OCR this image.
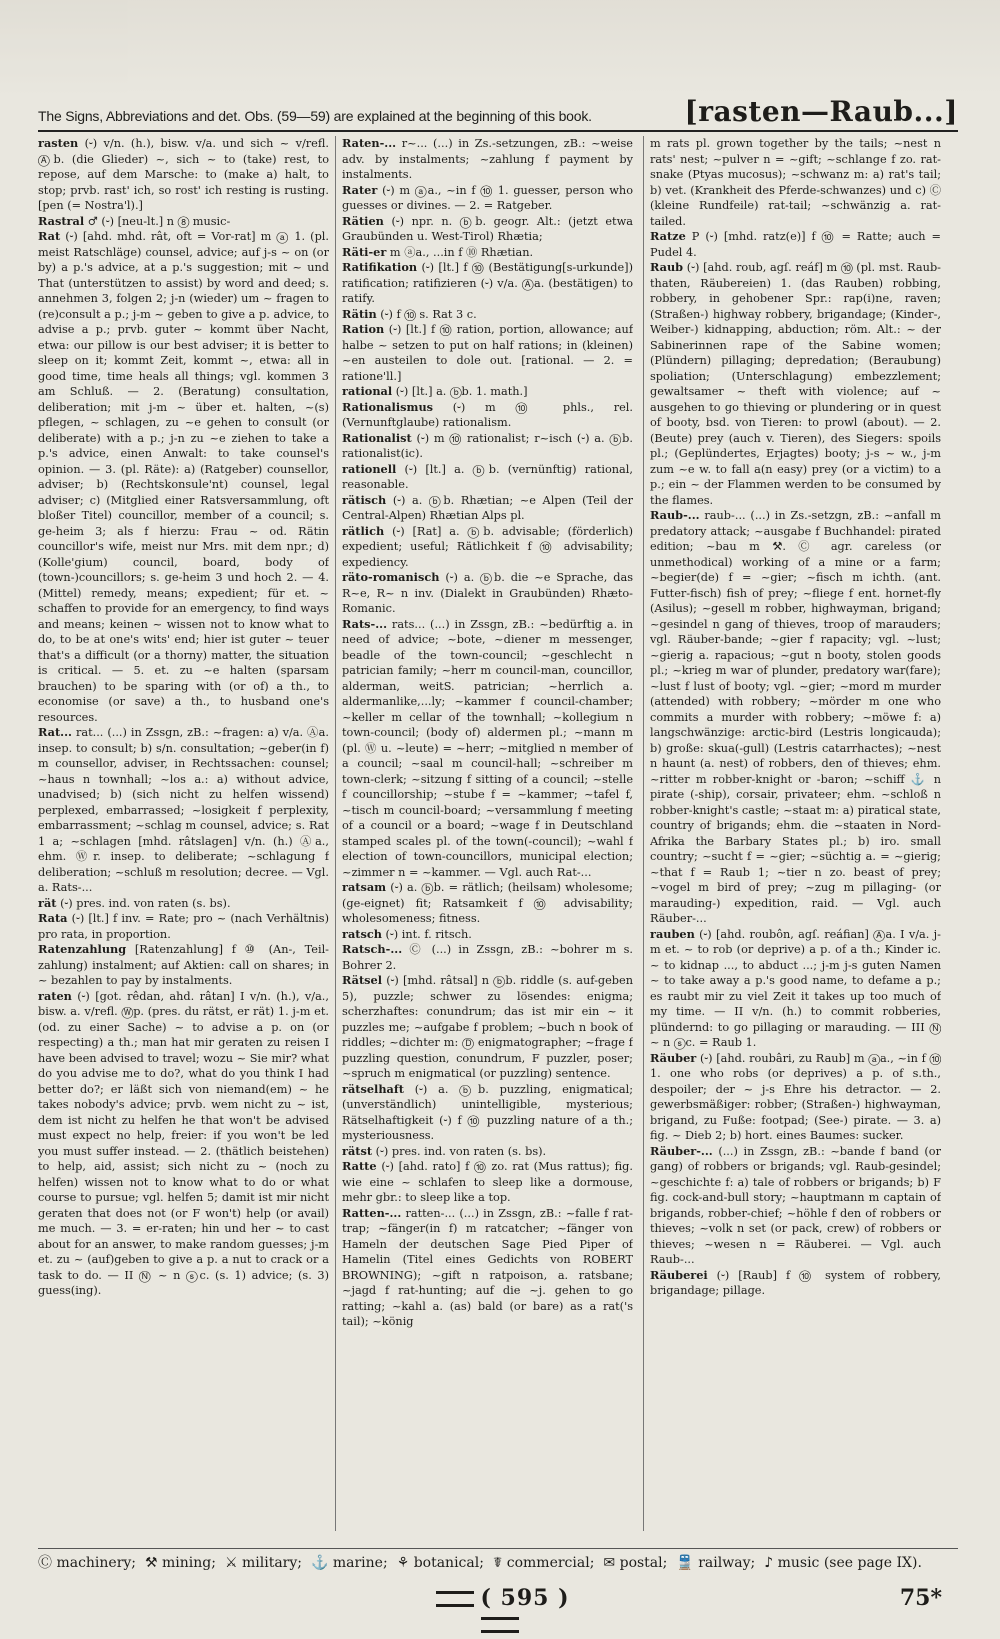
The Signs, Abbreviations and det. Obs. (59—59) are explained at the beginning of this book.	[rasten—Raub...]

rasten (⏑) v/n. (h.), bisw. v/a. und sich ~ v/refl. Ⓐb. (die Glieder) ~, sich ~ to (take) rest, to repose, auf dem Marsche: to (make a) halt, to stop; prvb. rast' ich, so rost' ich resting is rusting. [pen (= Nostra'l).]

Rastral ♂ (⏑) [neu-lt.] n ⑧ music-

Rat (⏑) [ahd. mhd. rât, oft = Vor-rat] m ⓐ 1. (pl. meist Ratschläge) counsel, advice; auf j-s ~ on (or by) a p.'s advice, at a p.'s suggestion; mit ~ und That (unterstützen to assist) by word and deed; s. annehmen 3, folgen 2; j-n (wieder) um ~ fragen to (re)consult a p.; j-m ~ geben to give a p. advice, to advise a p.; prvb. guter ~ kommt über Nacht, etwa: our pillow is our best adviser; it is better to sleep on it; kommt Zeit, kommt ~, etwa: all in good time, time heals all things; vgl. kommen 3 am Schluß. — 2. (Beratung) consultation, deliberation; mit j-m ~ über et. halten, ~(s) pflegen, ~ schlagen, zu ~e gehen to consult (or deliberate) with a p.; j-n zu ~e ziehen to take a p.'s advice, einen Anwalt: to take counsel's opinion. — 3. (pl. Räte): a) (Ratgeber) counsellor, adviser; b) (Rechtskonsule'nt) counsel, legal adviser; c) (Mitglied einer Ratsversammlung, oft bloßer Titel) councillor, member of a council; s. ge-heim 3; als f hierzu: Frau ~ od. Rätin councillor's wife, meist nur Mrs. mit dem npr.; d) (Kolle'gium) council, board, body of (town-)councillors; s. ge-heim 3 und hoch 2. — 4. (Mittel) remedy, means; expedient; für et. ~ schaffen to provide for an emergency, to find ways and means; keinen ~ wissen not to know what to do, to be at one's wits' end; hier ist guter ~ teuer that's a difficult (or a thorny) matter, the situation is critical. — 5. et. zu ~e halten (sparsam brauchen) to be sparing with (or of) a th., to economise (or save) a th., to husband one's resources.

Rat... rat... (...) in Zssgn, zB.: ~fragen: a) v/a. Ⓐa. insep. to consult; b) s/n. consultation; ~geber(in f) m counsellor, adviser, in Rechtssachen: counsel; ~haus n townhall; ~los a.: a) without advice, unadvised; b) (sich nicht zu helfen wissend) perplexed, embarrassed; ~losigkeit f perplexity, embarrassment; ~schlag m counsel, advice; s. Rat 1 a; ~schlagen [mhd. râtslagen] v/n. (h.) Ⓐa., ehm. Ⓦr. insep. to deliberate; ~schlagung f deliberation; ~schluß m resolution; decree. — Vgl. a. Rats-...

rät (⏑) pres. ind. von raten (s. bs).

Rata (⏑) [lt.] f inv. = Rate; pro ~ (nach Verhältnis) pro rata, in proportion.

Ratenzahlung [Ratenzahlung] f ⑩ (An-, Teil-zahlung) instalment; auf Aktien: call on shares; in ~ bezahlen to pay by instalments.

raten (⏑) [got. rêdan, ahd. râtan] I v/n. (h.), v/a., bisw. a. v/refl. Ⓦp. (pres. du rätst, er rät) 1. j-m et. (od. zu einer Sache) ~ to advise a p. on (or respecting) a th.; man hat mir geraten zu reisen I have been advised to travel; wozu ~ Sie mir? what do you advise me to do?, what do you think I had better do?; er läßt sich von niemand(em) ~ he takes nobody's advice; prvb. wem nicht zu ~ ist, dem ist nicht zu helfen he that won't be advised must expect no help, freier: if you won't be led you must suffer instead. — 2. (thätlich beistehen) to help, aid, assist; sich nicht zu ~ (noch zu helfen) wissen not to know what to do or what course to pursue; vgl. helfen 5; damit ist mir nicht geraten that does not (or F won't) help (or avail) me much. — 3. = er-raten; hin und her ~ to cast about for an answer, to make random guesses; j-m et. zu ~ (auf)geben to give a p. a nut to crack or a task to do. — II Ⓝ ~ n ⓢc. (s. 1) advice; (s. 3) guess(ing).

Raten-... r~... (...) in Zs.-setzungen, zB.: ~weise adv. by instalments; ~zahlung f payment by instalments.

Rater (⏑) m ⓐa., ~in f ⑩ 1. guesser, person who guesses or divines. — 2. = Ratgeber.

Rätien (⏑) npr. n. ⓑb. geogr. Alt.: (jetzt etwa Graubünden u. West-Tirol) Rhætia;

Räti-er m ⓐa., ...in f ⑩ Rhætian.

Ratifikation (⏑) [lt.] f ⑩ (Bestätigung[s-urkunde]) ratification; ratifizieren (⏑) v/a. Ⓐa. (bestätigen) to ratify.

Rätin (⏑) f ⑩ s. Rat 3 c.

Ration (⏑) [lt.] f ⑩ ration, portion, allowance; auf halbe ~ setzen to put on half rations; in (kleinen) ~en austeilen to dole out. [rational. — 2. = ratione'll.]

rational (⏑) [lt.] a. ⓑb. 1. math.]

Rationalismus (⏑) m ⑩ phls., rel. (Vernunftglaube) rationalism.

Rationalist (⏑) m ⑩ rationalist; r~isch (⏑) a. ⓑb. rationalist(ic).

rationell (⏑) [lt.] a. ⓑb. (vernünftig) rational, reasonable.

rätisch (⏑) a. ⓑb. Rhætian; ~e Alpen (Teil der Central-Alpen) Rhætian Alps pl.

rätlich (⏑) [Rat] a. ⓑb. advisable; (förderlich) expedient; useful; Rätlichkeit f ⑩ advisability; expediency.

räto-romanisch (⏑) a. ⓑb. die ~e Sprache, das R~e, R~ n inv. (Dialekt in Graubünden) Rhæto-Romanic.

Rats-... rats... (...) in Zssgn, zB.: ~bedürftig a. in need of advice; ~bote, ~diener m messenger, beadle of the town-council; ~geschlecht n patrician family; ~herr m council-man, councillor, alderman, weitS. patrician; ~herrlich a. aldermanlike,...ly; ~kammer f council-chamber; ~keller m cellar of the townhall; ~kollegium n town-council; (body of) aldermen pl.; ~mann m (pl. Ⓦ u. ~leute) = ~herr; ~mitglied n member of a council; ~saal m council-hall; ~schreiber m town-clerk; ~sitzung f sitting of a council; ~stelle f councillorship; ~stube f = ~kammer; ~tafel f, ~tisch m council-board; ~versammlung f meeting of a council or a board; ~wage f in Deutschland stamped scales pl. of the town(-council); ~wahl f election of town-councillors, municipal election; ~zimmer n = ~kammer. — Vgl. auch Rat-...

ratsam (⏑) a. ⓑb. = rätlich; (heilsam) wholesome; (ge-eignet) fit; Ratsamkeit f ⑩ advisability; wholesomeness; fitness.

ratsch (⏑) int. f. ritsch.

Ratsch-... Ⓒ (...) in Zssgn, zB.: ~bohrer m s. Bohrer 2.

Rätsel (⏑) [mhd. râtsal] n ⓑb. riddle (s. auf-geben 5), puzzle; schwer zu lösendes: enigma; scherzhaftes: conundrum; das ist mir ein ~ it puzzles me; ~aufgabe f problem; ~buch n book of riddles; ~dichter m: Ⓓ enigmatographer; ~frage f puzzling question, conundrum, F puzzler, poser; ~spruch m enigmatical (or puzzling) sentence.

rätselhaft (⏑) a. ⓑb. puzzling, enigmatical; (unverständlich) unintelligible, mysterious; Rätselhaftigkeit (⏑) f ⑩ puzzling nature of a th.; mysteriousness.

rätst (⏑) pres. ind. von raten (s. bs).

Ratte (⏑) [ahd. rato] f ⑩ zo. rat (Mus rattus); fig. wie eine ~ schlafen to sleep like a dormouse, mehr gbr.: to sleep like a top.

Ratten-... ratten-... (...) in Zssgn, zB.: ~falle f rat-trap; ~fänger(in f) m ratcatcher; ~fänger von Hameln der deutschen Sage Pied Piper of Hamelin (Titel eines Gedichts von ROBERT BROWNING); ~gift n ratpoison, a. ratsbane; ~jagd f rat-hunting; auf die ~j. gehen to go ratting; ~kahl a. (as) bald (or bare) as a rat('s tail); ~könig

m rats pl. grown together by the tails; ~nest n rats' nest; ~pulver n = ~gift; ~schlange f zo. rat-snake (Ptyas mucosus); ~schwanz m: a) rat's tail; b) vet. (Krankheit des Pferde-schwanzes) und c) Ⓒ (kleine Rundfeile) rat-tail; ~schwänzig a. rat-tailed.

Ratze P (⏑) [mhd. ratz(e)] f ⑩ = Ratte; auch = Pudel 4.

Raub (⏑) [ahd. roub, agſ. reáf] m ⑩ (pl. mst. Raub-thaten, Räubereien) 1. (das Rauben) robbing, robbery, in gehobener Spr.: rap(i)ne, raven; (Straßen-) highway robbery, brigandage; (Kinder-, Weiber-) kidnapping, abduction; röm. Alt.: ~ der Sabinerinnen rape of the Sabine women; (Plündern) pillaging; depredation; (Beraubung) spoliation; (Unterschlagung) embezzlement; gewaltsamer ~ theft with violence; auf ~ ausgehen to go thieving or plundering or in quest of booty, bsd. von Tieren: to prowl (about). — 2. (Beute) prey (auch v. Tieren), des Siegers: spoils pl.; (Geplündertes, Erjagtes) booty; j-s ~ w., j-m zum ~e w. to fall a(n easy) prey (or a victim) to a p.; ein ~ der Flammen werden to be consumed by the flames.

Raub-... raub-... (...) in Zs.-setzgn, zB.: ~anfall m predatory attack; ~ausgabe f Buchhandel: pirated edition; ~bau m ⚒. Ⓒ agr. careless (or unmethodical) working of a mine or a farm; ~begier(de) f = ~gier; ~fisch m ichth. (ant. Futter-fisch) fish of prey; ~fliege f ent. hornet-fly (Asilus); ~gesell m robber, highwayman, brigand; ~gesindel n gang of thieves, troop of marauders; vgl. Räuber-bande; ~gier f rapacity; vgl. ~lust; ~gierig a. rapacious; ~gut n booty, stolen goods pl.; ~krieg m war of plunder, predatory war(fare); ~lust f lust of booty; vgl. ~gier; ~mord m murder (attended) with robbery; ~mörder m one who commits a murder with robbery; ~möwe f: a) langschwänzige: arctic-bird (Lestris longicauda); b) große: skua(-gull) (Lestris catarrhactes); ~nest n haunt (a. nest) of robbers, den of thieves; ehm. ~ritter m robber-knight or -baron; ~schiff ⚓ n pirate (-ship), corsair, privateer; ehm. ~schloß n robber-knight's castle; ~staat m: a) piratical state, country of brigands; ehm. die ~staaten in Nord-Afrika the Barbary States pl.; b) iro. small country; ~sucht f = ~gier; ~süchtig a. = ~gierig; ~that f = Raub 1; ~tier n zo. beast of prey; ~vogel m bird of prey; ~zug m pillaging- (or marauding-) expedition, raid. — Vgl. auch Räuber-...

rauben (⏑) [ahd. roubôn, agſ. reáfian] Ⓐa. I v/a. j-m et. ~ to rob (or deprive) a p. of a th.; Kinder ic. ~ to kidnap ..., to abduct ...; j-m j-s guten Namen ~ to take away a p.'s good name, to defame a p.; es raubt mir zu viel Zeit it takes up too much of my time. — II v/n. (h.) to commit robberies, plündernd: to go pillaging or marauding. — III Ⓝ ~ n ⓢc. = Raub 1.

Räuber (⏑) [ahd. roubâri, zu Raub] m ⓐa., ~in f ⑩ 1. one who robs (or deprives) a p. of s.th., despoiler; der ~ j-s Ehre his detractor. — 2. gewerbsmäßiger: robber; (Straßen-) highwayman, brigand, zu Fuße: footpad; (See-) pirate. — 3. a) fig. ~ Dieb 2; b) hort. eines Baumes: sucker.

Räuber-... (...) in Zssgn, zB.: ~bande f band (or gang) of robbers or brigands; vgl. Raub-gesindel; ~geschichte f: a) tale of robbers or brigands; b) F fig. cock-and-bull story; ~hauptmann m captain of brigands, robber-chief; ~höhle f den of robbers or thieves; ~volk n set (or pack, crew) of robbers or thieves; ~wesen n = Räuberei. — Vgl. auch Raub-...

Räuberei (⏑) [Raub] f ⑩ system of robbery, brigandage; pillage.

Ⓒ machinery; ⚒ mining; ⚔ military; ⚓ marine; ⚘ botanical; ☤ commercial; ✉ postal; 🚆 railway; ♪ music (see page IX).
( 595 )	75*
